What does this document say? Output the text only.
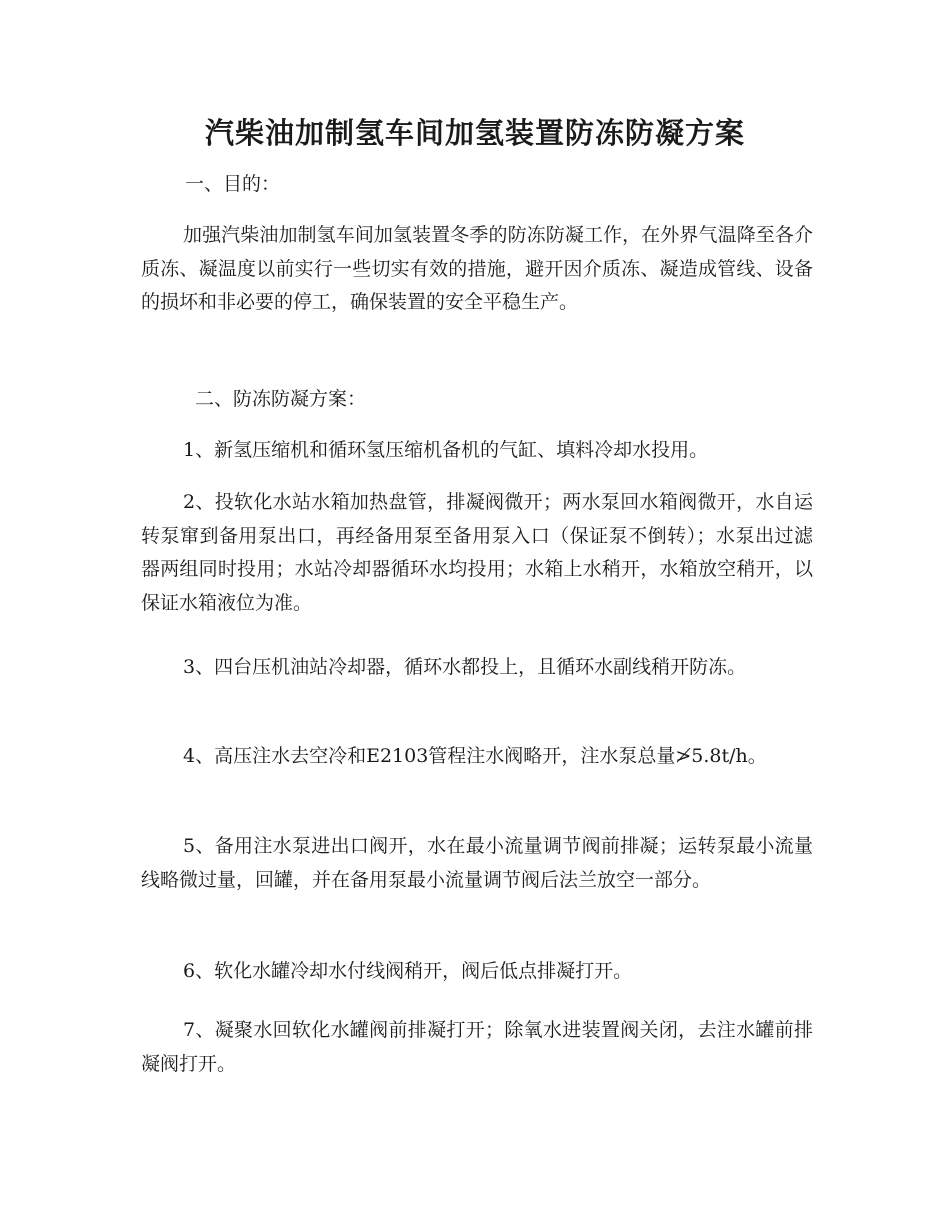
汽柴油加制氢车间加氢装置防冻防凝方案

一、目的：

加强汽柴油加制氢车间加氢装置冬季的防冻防凝工作，在外界气温降至各介质冻、凝温度以前实行一些切实有效的措施，避开因介质冻、凝造成管线、设备的损坏和非必要的停工，确保装置的安全平稳生产。

二、防冻防凝方案：

1、新氢压缩机和循环氢压缩机备机的气缸、填料冷却水投用。

2、投软化水站水箱加热盘管，排凝阀微开；两水泵回水箱阀微开，水自运转泵窜到备用泵出口，再经备用泵至备用泵入口（保证泵不倒转）；水泵出过滤器两组同时投用；水站冷却器循环水均投用；水箱上水稍开，水箱放空稍开，以保证水箱液位为准。

3、四台压机油站冷却器，循环水都投上，且循环水副线稍开防冻。

4、高压注水去空冷和E2103管程注水阀略开，注水泵总量≯5.8t/h。

5、备用注水泵进出口阀开，水在最小流量调节阀前排凝；运转泵最小流量线略微过量，回罐，并在备用泵最小流量调节阀后法兰放空一部分。

6、软化水罐冷却水付线阀稍开，阀后低点排凝打开。

7、凝聚水回软化水罐阀前排凝打开；除氧水进装置阀关闭，去注水罐前排凝阀打开。
